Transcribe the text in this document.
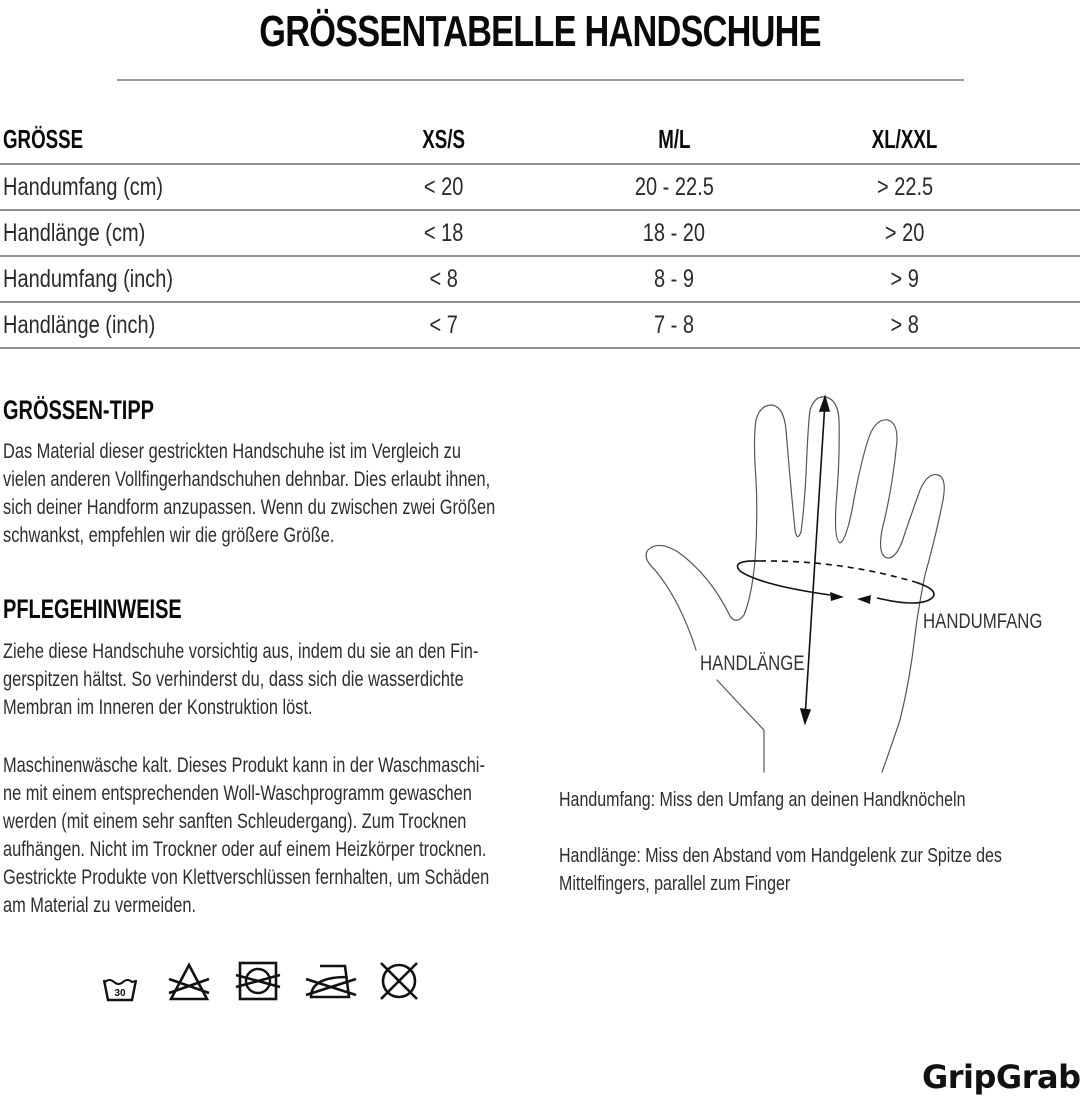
GRÖSSENTABELLE HANDSCHUHE
GRÖSSE	XS/S	M/L	XL/XXL
Handumfang (cm)	< 20	20 - 22.5	> 22.5
Handlänge (cm)	< 18	18 - 20	> 20
Handumfang (inch)	< 8	8 - 9	> 9
Handlänge (inch)	< 7	7 - 8	> 8
GRÖSSEN-TIPP
Das Material dieser gestrickten Handschuhe ist im Vergleich zu
vielen anderen Vollfingerhandschuhen dehnbar. Dies erlaubt ihnen,
sich deiner Handform anzupassen. Wenn du zwischen zwei Größen
schwankst, empfehlen wir die größere Größe.
PFLEGEHINWEISE
Ziehe diese Handschuhe vorsichtig aus, indem du sie an den Fin-
gerspitzen hältst. So verhinderst du, dass sich die wasserdichte
Membran im Inneren der Konstruktion löst.
Maschinenwäsche kalt. Dieses Produkt kann in der Waschmaschi-
ne mit einem entsprechenden Woll-Waschprogramm gewaschen
werden (mit einem sehr sanften Schleudergang). Zum Trocknen
aufhängen. Nicht im Trockner oder auf einem Heizkörper trocknen.
Gestrickte Produkte von Klettverschlüssen fernhalten, um Schäden
am Material zu vermeiden.
30
HANDLÄNGE
HANDUMFANG
Handumfang: Miss den Umfang an deinen Handknöcheln
Handlänge: Miss den Abstand vom Handgelenk zur Spitze des
Mittelfingers, parallel zum Finger
GripGrab
